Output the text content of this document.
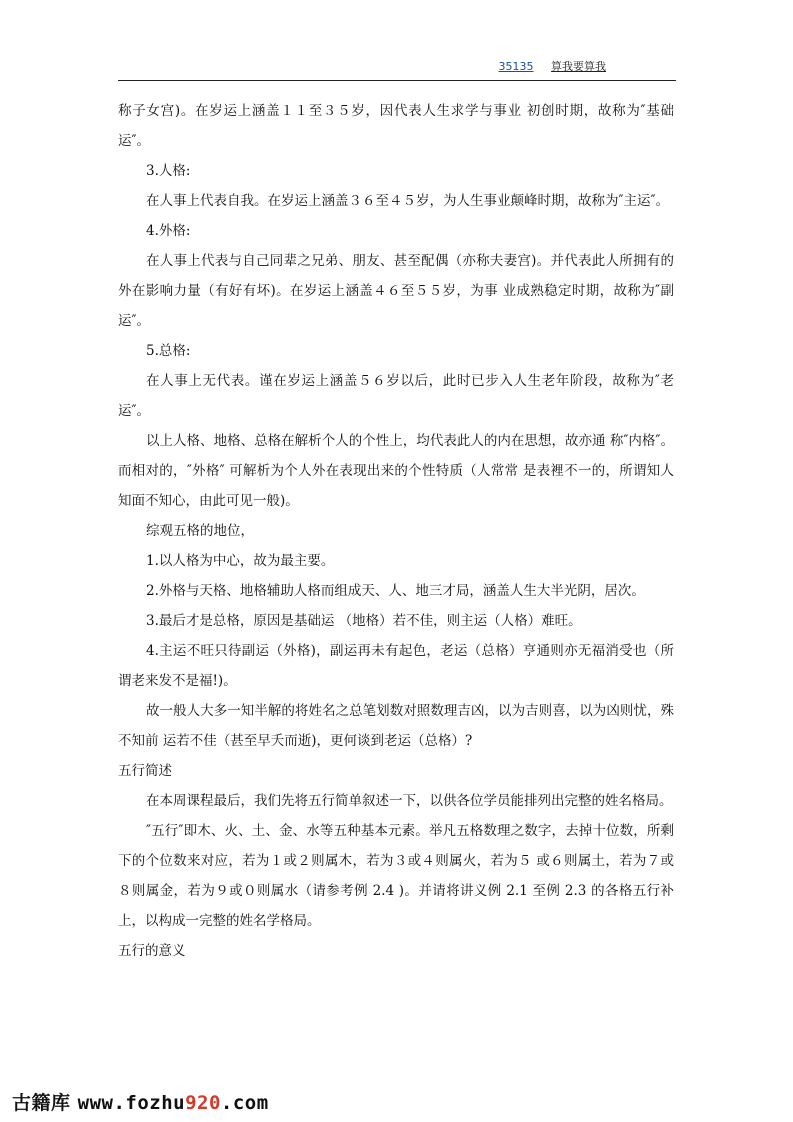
35135 算我要算我

称子女宫)。在岁运上涵盖１１至３５岁，因代表人生求学与事业 初创时期，故称为″基础运″。

3.人格:

在人事上代表自我。在岁运上涵盖３６至４５岁，为人生事业颠峰时期，故称为″主运″。

4.外格:

在人事上代表与自己同辈之兄弟、朋友、甚至配偶（亦称夫妻宫)。并代表此人所拥有的外在影响力量（有好有坏)。在岁运上涵盖４６至５５岁，为事 业成熟稳定时期，故称为″副运″。

5.总格:

在人事上无代表。谨在岁运上涵盖５６岁以后，此时已步入人生老年阶段，故称为″老运″。

以上人格、地格、总格在解析个人的个性上，均代表此人的内在思想，故亦通 称″内格″。而相对的，″外格″ 可解析为个人外在表现出来的个性特质（人常常 是表裡不一的，所谓知人知面不知心，由此可见一般)。

综观五格的地位，

1.以人格为中心，故为最主要。

2.外格与天格、地格辅助人格而组成天、人、地三才局，涵盖人生大半光阴，居次。

3.最后才是总格，原因是基础运 （地格）若不佳，则主运（人格）难旺。

4.主运不旺只待副运（外格)，副运再未有起色，老运（总格）亨通则亦无福消受也（所谓老来发不是福!)。

故一般人大多一知半解的将姓名之总笔划数对照数理吉凶，以为吉则喜，以为凶则忧，殊不知前 运若不佳（甚至早夭而逝)，更何谈到老运（总格）?

五行简述

在本周课程最后，我们先将五行简单叙述一下，以供各位学员能排列出完整的姓名格局。

″五行″即木、火、土、金、水等五种基本元素。举凡五格数理之数字，去掉十位数，所剩下的个位数来对应，若为１或２则属木，若为３或４则属火，若为５ 或６则属土，若为７或８则属金，若为９或０则属水（请参考例 2.4 )。并请将讲义例 2.1 至例 2.3 的各格五行补上，以构成一完整的姓名学格局。

五行的意义

古籍库 www.fozhu920.com
